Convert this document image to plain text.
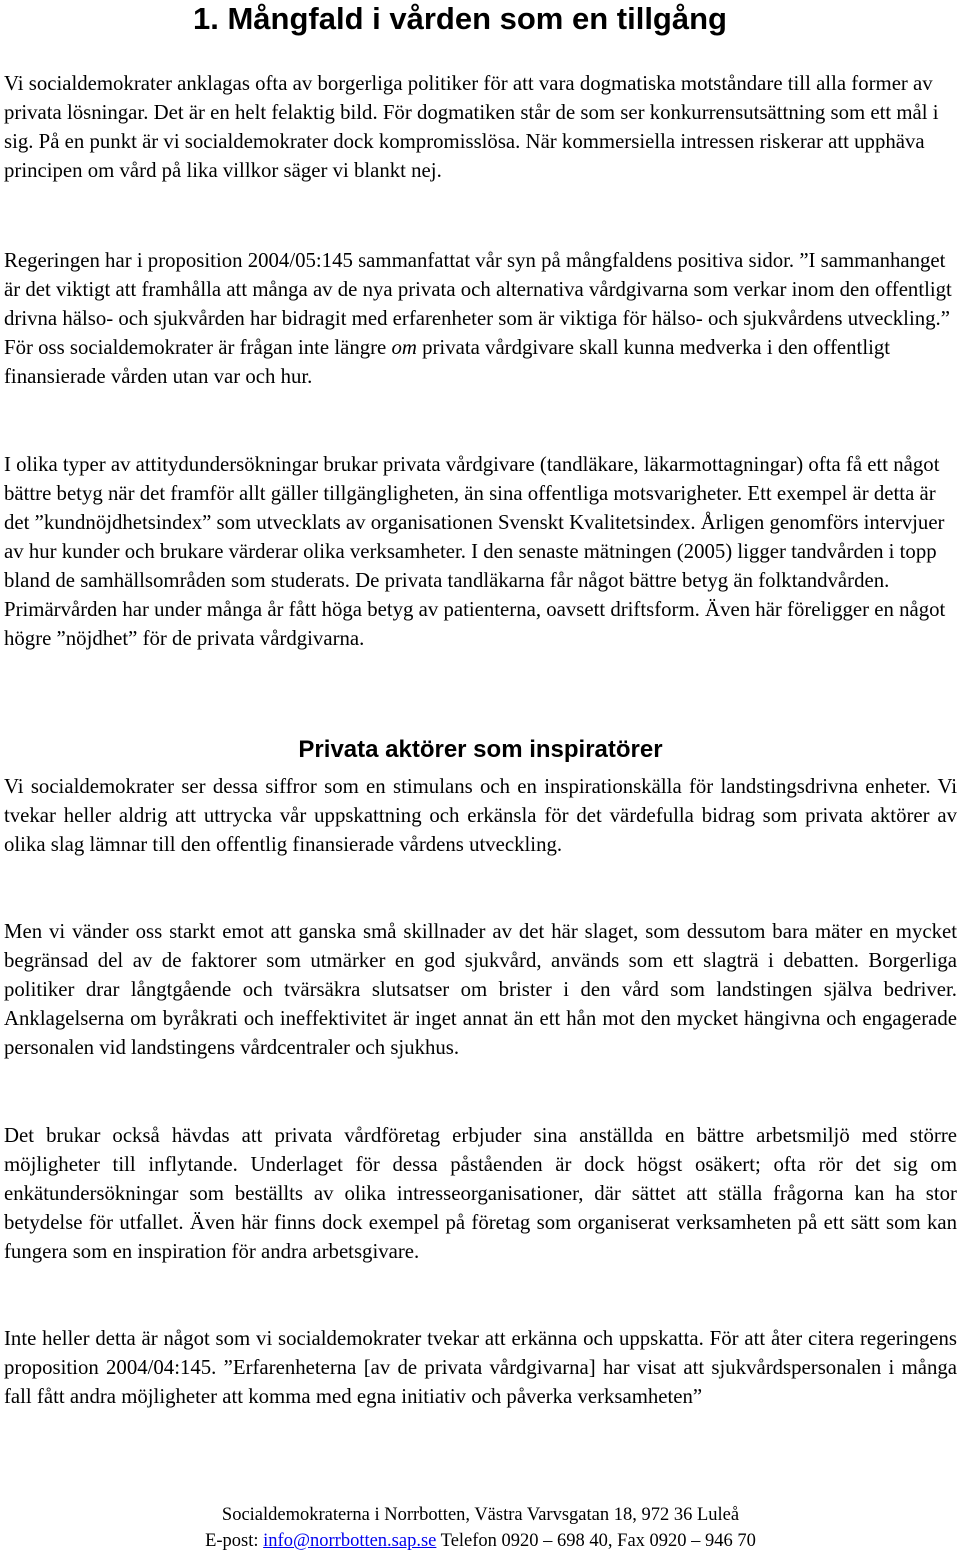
1. Mångfald i vården som en tillgång

Vi socialdemokrater anklagas ofta av borgerliga politiker för att vara dogmatiska motståndare till alla former av privata lösningar. Det är en helt felaktig bild. För dogmatiken står de som ser konkurrensutsättning som ett mål i sig. På en punkt är vi socialdemokrater dock kompromisslösa. När kommersiella intressen riskerar att upphäva principen om vård på lika villkor säger vi blankt nej.

Regeringen har i proposition 2004/05:145 sammanfattat vår syn på mångfaldens positiva sidor. ”I sammanhanget är det viktigt att framhålla att många av de nya privata och alternativa vårdgivarna som verkar inom den offentligt drivna hälso- och sjukvården har bidragit med erfarenheter som är viktiga för hälso- och sjukvårdens utveckling.” För oss socialdemokrater är frågan inte längre om privata vårdgivare skall kunna medverka i den offentligt finansierade vården utan var och hur.

I olika typer av attitydundersökningar brukar privata vårdgivare (tandläkare, läkarmottagningar) ofta få ett något bättre betyg när det framför allt gäller tillgängligheten, än sina offentliga motsvarigheter. Ett exempel är detta är det ”kundnöjdhetsindex” som utvecklats av organisationen Svenskt Kvalitetsindex. Årligen genomförs intervjuer av hur kunder och brukare värderar olika verksamheter. I den senaste mätningen (2005) ligger tandvården i topp bland de samhällsområden som studerats. De privata tandläkarna får något bättre betyg än folktandvården. Primärvården har under många år fått höga betyg av patienterna, oavsett driftsform. Även här föreligger en något högre ”nöjdhet” för de privata vårdgivarna.

Privata aktörer som inspiratörer

Vi socialdemokrater ser dessa siffror som en stimulans och en inspirationskälla för landstingsdrivna enheter. Vi tvekar heller aldrig att uttrycka vår uppskattning och erkänsla för det värdefulla bidrag som privata aktörer av olika slag lämnar till den offentlig finansierade vårdens utveckling.

Men vi vänder oss starkt emot att ganska små skillnader av det här slaget, som dessutom bara mäter en mycket begränsad del av de faktorer som utmärker en god sjukvård, används som ett slagträ i debatten. Borgerliga politiker drar långtgående och tvärsäkra slutsatser om brister i den vård som landstingen själva bedriver. Anklagelserna om byråkrati och ineffektivitet är inget annat än ett hån mot den mycket hängivna och engagerade personalen vid landstingens vårdcentraler och sjukhus.

Det brukar också hävdas att privata vårdföretag erbjuder sina anställda en bättre arbetsmiljö med större möjligheter till inflytande. Underlaget för dessa påståenden är dock högst osäkert; ofta rör det sig om enkätundersökningar som beställts av olika intresseorganisationer, där sättet att ställa frågorna kan ha stor betydelse för utfallet. Även här finns dock exempel på företag som organiserat verksamheten på ett sätt som kan fungera som en inspiration för andra arbetsgivare.

Inte heller detta är något som vi socialdemokrater tvekar att erkänna och uppskatta. För att åter citera regeringens proposition 2004/04:145. ”Erfarenheterna [av de privata vårdgivarna] har visat att sjukvårdspersonalen i många fall fått andra möjligheter att komma med egna initiativ och påverka verksamheten”

Socialdemokraterna i Norrbotten, Västra Varvsgatan 18, 972 36 Luleå
E-post: info@norrbotten.sap.se Telefon 0920 – 698 40, Fax 0920 – 946 70
